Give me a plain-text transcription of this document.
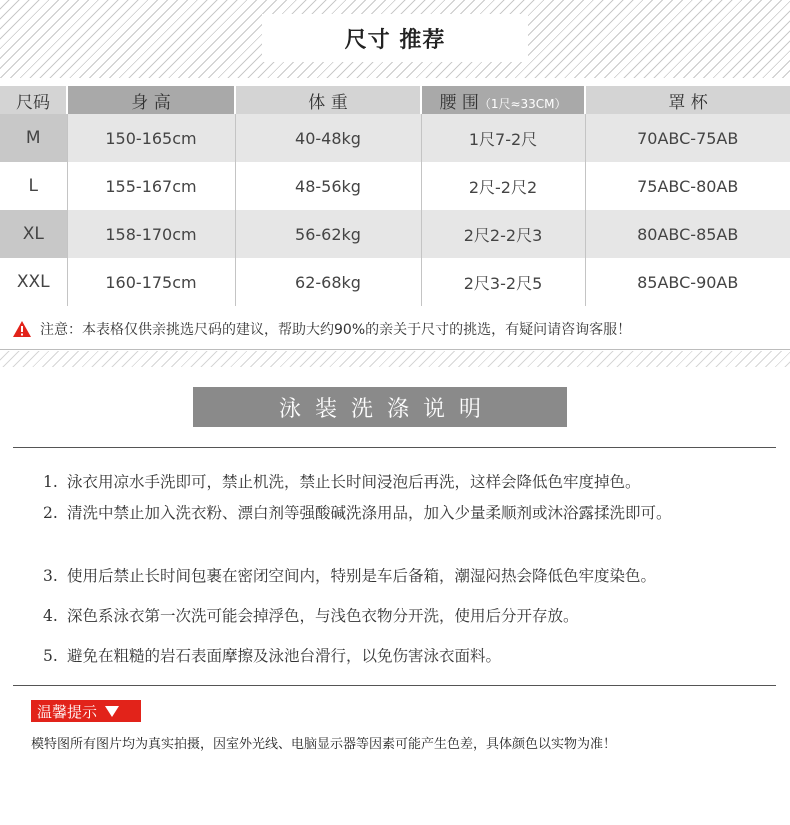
尺寸 推荐
尺码	身 高	体 重	腰 围（1尺≈33CM）	罩 杯
M	150-165cm	40-48kg	1尺7-2尺	70ABC-75AB
L	155-167cm	48-56kg	2尺-2尺2	75ABC-80AB
XL	158-170cm	56-62kg	2尺2-2尺3	80ABC-85AB
XXL	160-175cm	62-68kg	2尺3-2尺5	85ABC-90AB
注意：本表格仅供亲挑选尺码的建议，帮助大约90%的亲关于尺寸的挑选，有疑问请咨询客服！
泳装洗涤说明
1. 泳衣用凉水手洗即可，禁止机洗，禁止长时间浸泡后再洗，这样会降低色牢度掉色。
2. 清洗中禁止加入洗衣粉、漂白剂等强酸碱洗涤用品，加入少量柔顺剂或沐浴露揉洗即可。
3. 使用后禁止长时间包裹在密闭空间内，特别是车后备箱，潮湿闷热会降低色牢度染色。
4. 深色系泳衣第一次洗可能会掉浮色，与浅色衣物分开洗，使用后分开存放。
5. 避免在粗糙的岩石表面摩擦及泳池台滑行，以免伤害泳衣面料。
温馨提示
模特图所有图片均为真实拍摄，因室外光线、电脑显示器等因素可能产生色差，具体颜色以实物为准！
